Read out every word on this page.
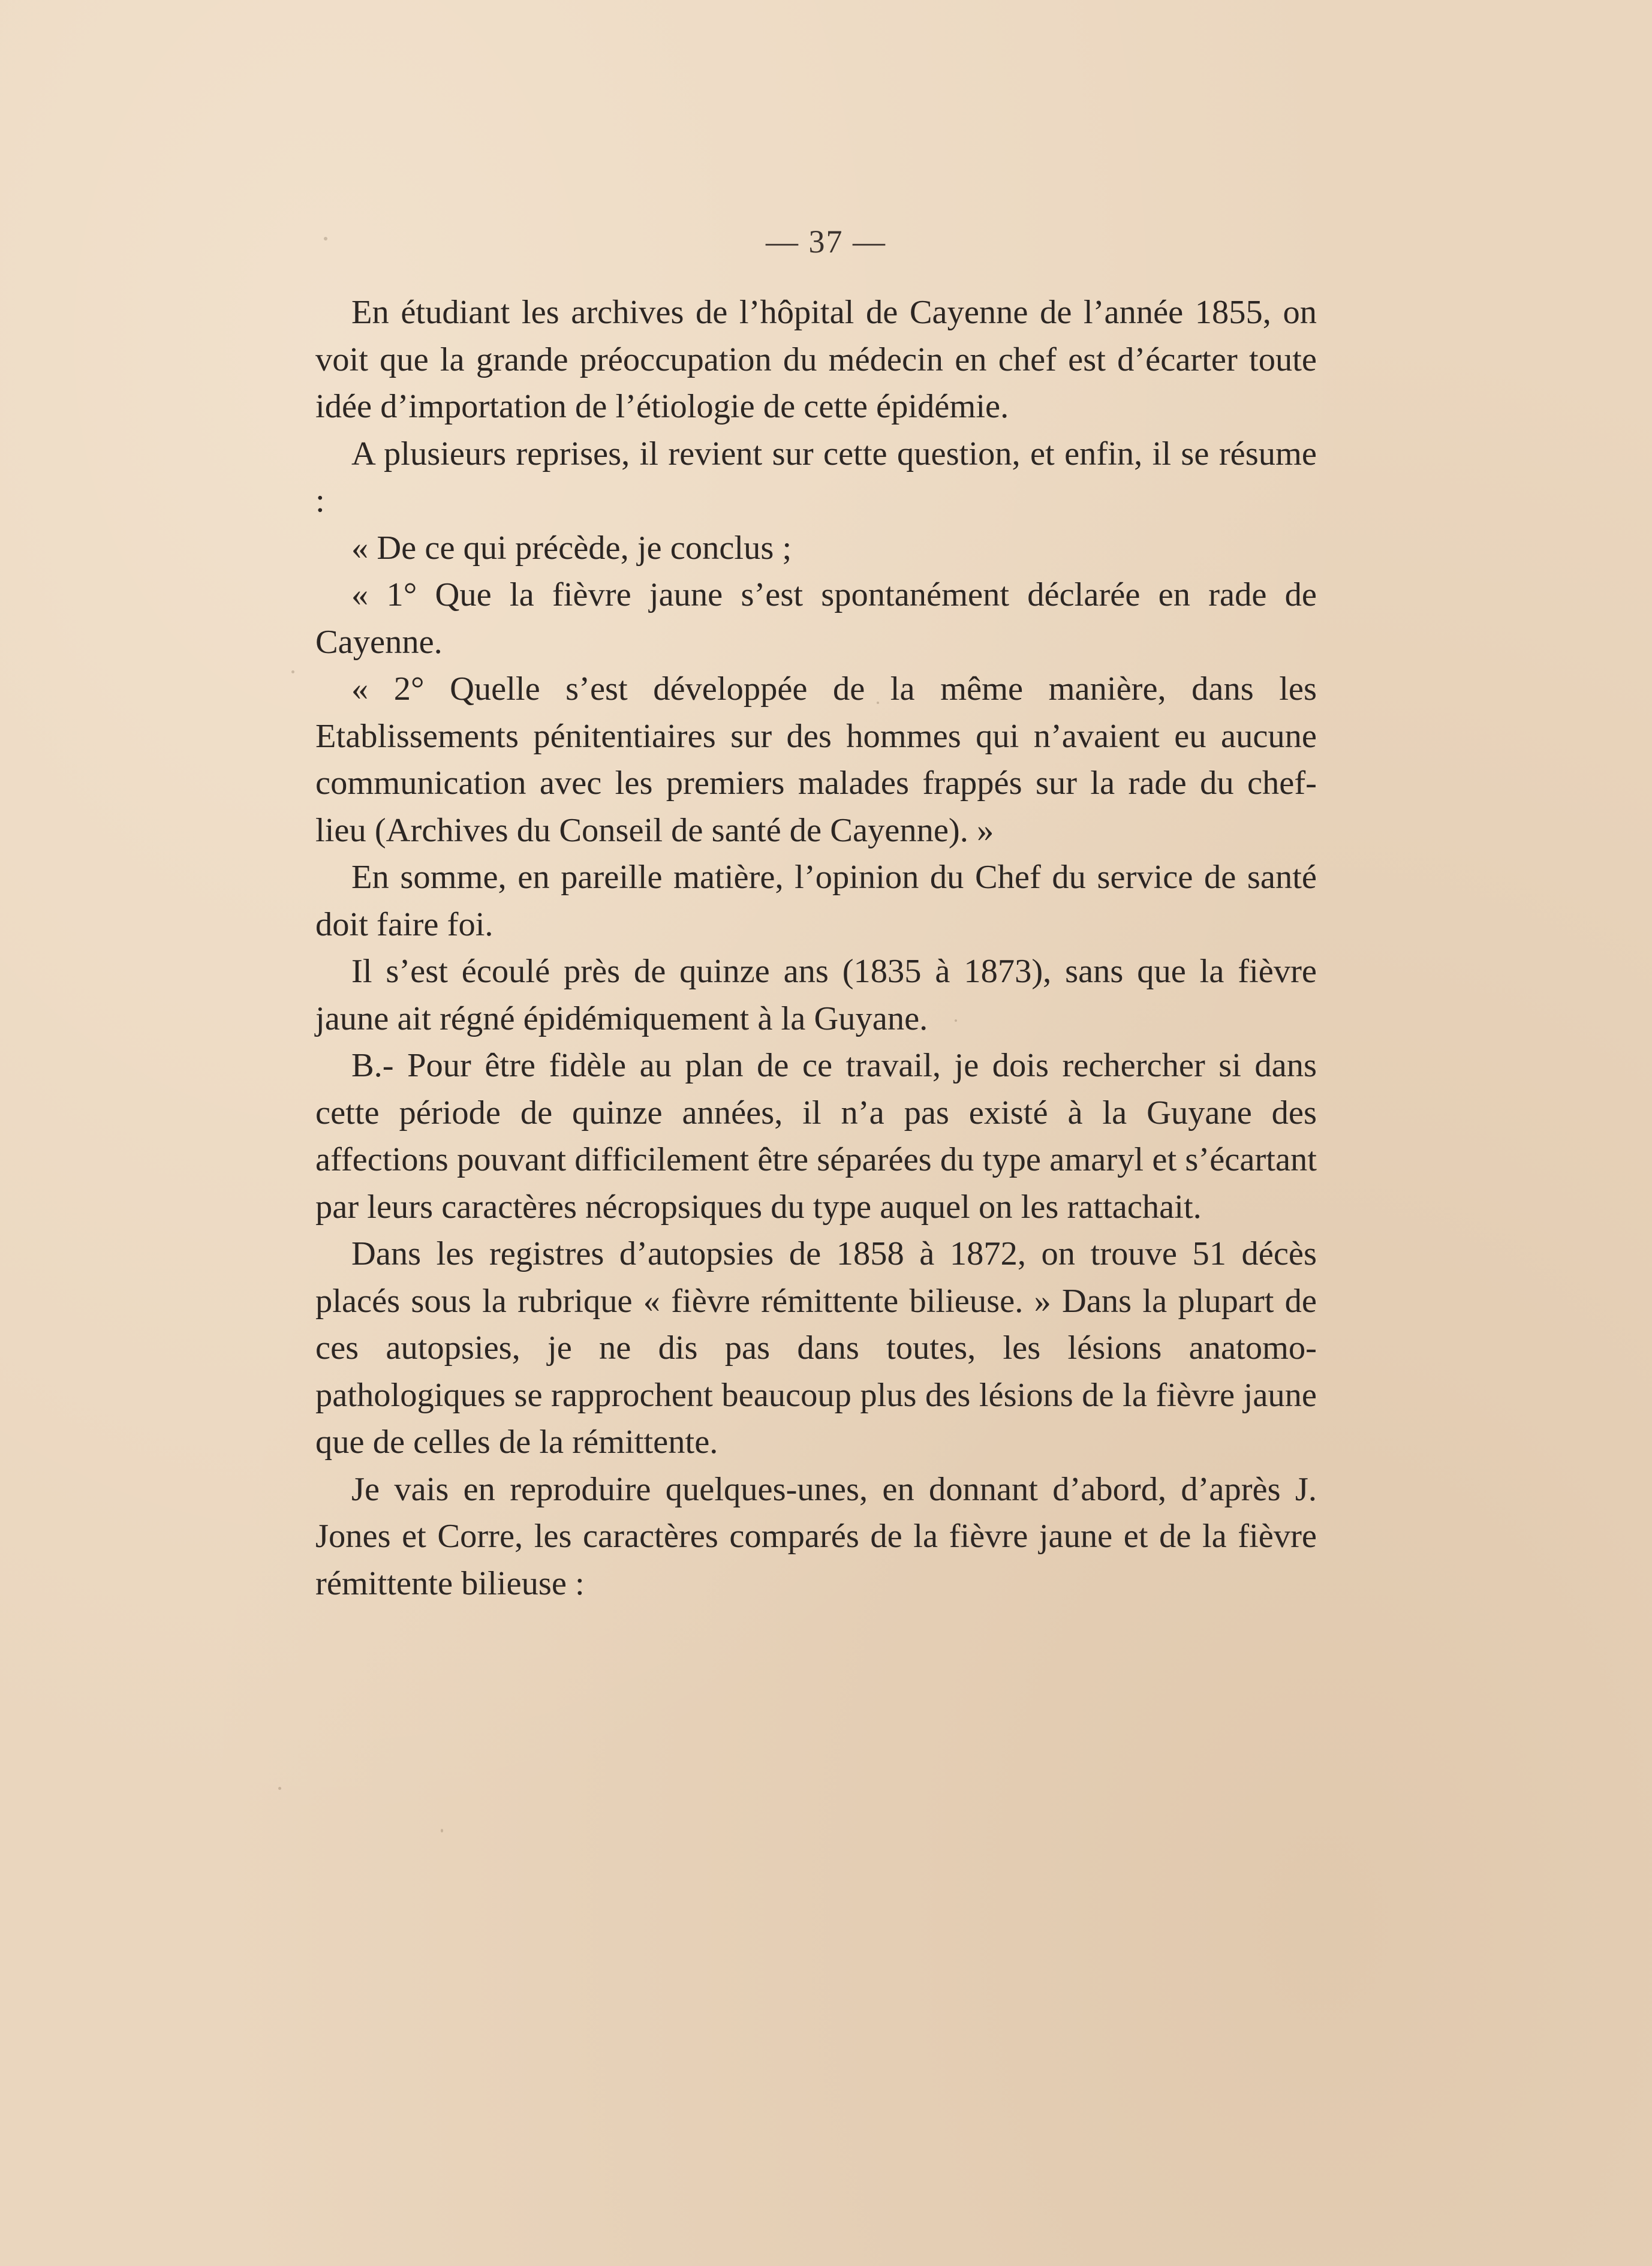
— 37 —

En étudiant les archives de l’hôpital de Cayenne de l’année 1855, on voit que la grande préoccupation du médecin en chef est d’écarter toute idée d’importation de l’étiologie de cette épidémie.

A plusieurs reprises, il revient sur cette question, et enfin, il se résume :

« De ce qui précède, je conclus ;

« 1° Que la fièvre jaune s’est spontanément déclarée en rade de Cayenne.

« 2° Quelle s’est développée de la même manière, dans les Etablissements pénitentiaires sur des hommes qui n’avaient eu aucune communication avec les premiers malades frappés sur la rade du chef-lieu (Archives du Conseil de santé de Cayenne). »

En somme, en pareille matière, l’opinion du Chef du service de santé doit faire foi.

Il s’est écoulé près de quinze ans (1835 à 1873), sans que la fièvre jaune ait régné épidémiquement à la Guyane.

B.- Pour être fidèle au plan de ce travail, je dois rechercher si dans cette période de quinze années, il n’a pas existé à la Guyane des affections pouvant difficilement être séparées du type amaryl et s’écartant par leurs caractères nécropsiques du type auquel on les rattachait.

Dans les registres d’autopsies de 1858 à 1872, on trouve 51 décès placés sous la rubrique « fièvre rémittente bilieuse. » Dans la plupart de ces autopsies, je ne dis pas dans toutes, les lésions anatomo-pathologiques se rapprochent beaucoup plus des lésions de la fièvre jaune que de celles de la rémittente.

Je vais en reproduire quelques-unes, en donnant d’abord, d’après J. Jones et Corre, les caractères comparés de la fièvre jaune et de la fièvre rémittente bilieuse :
